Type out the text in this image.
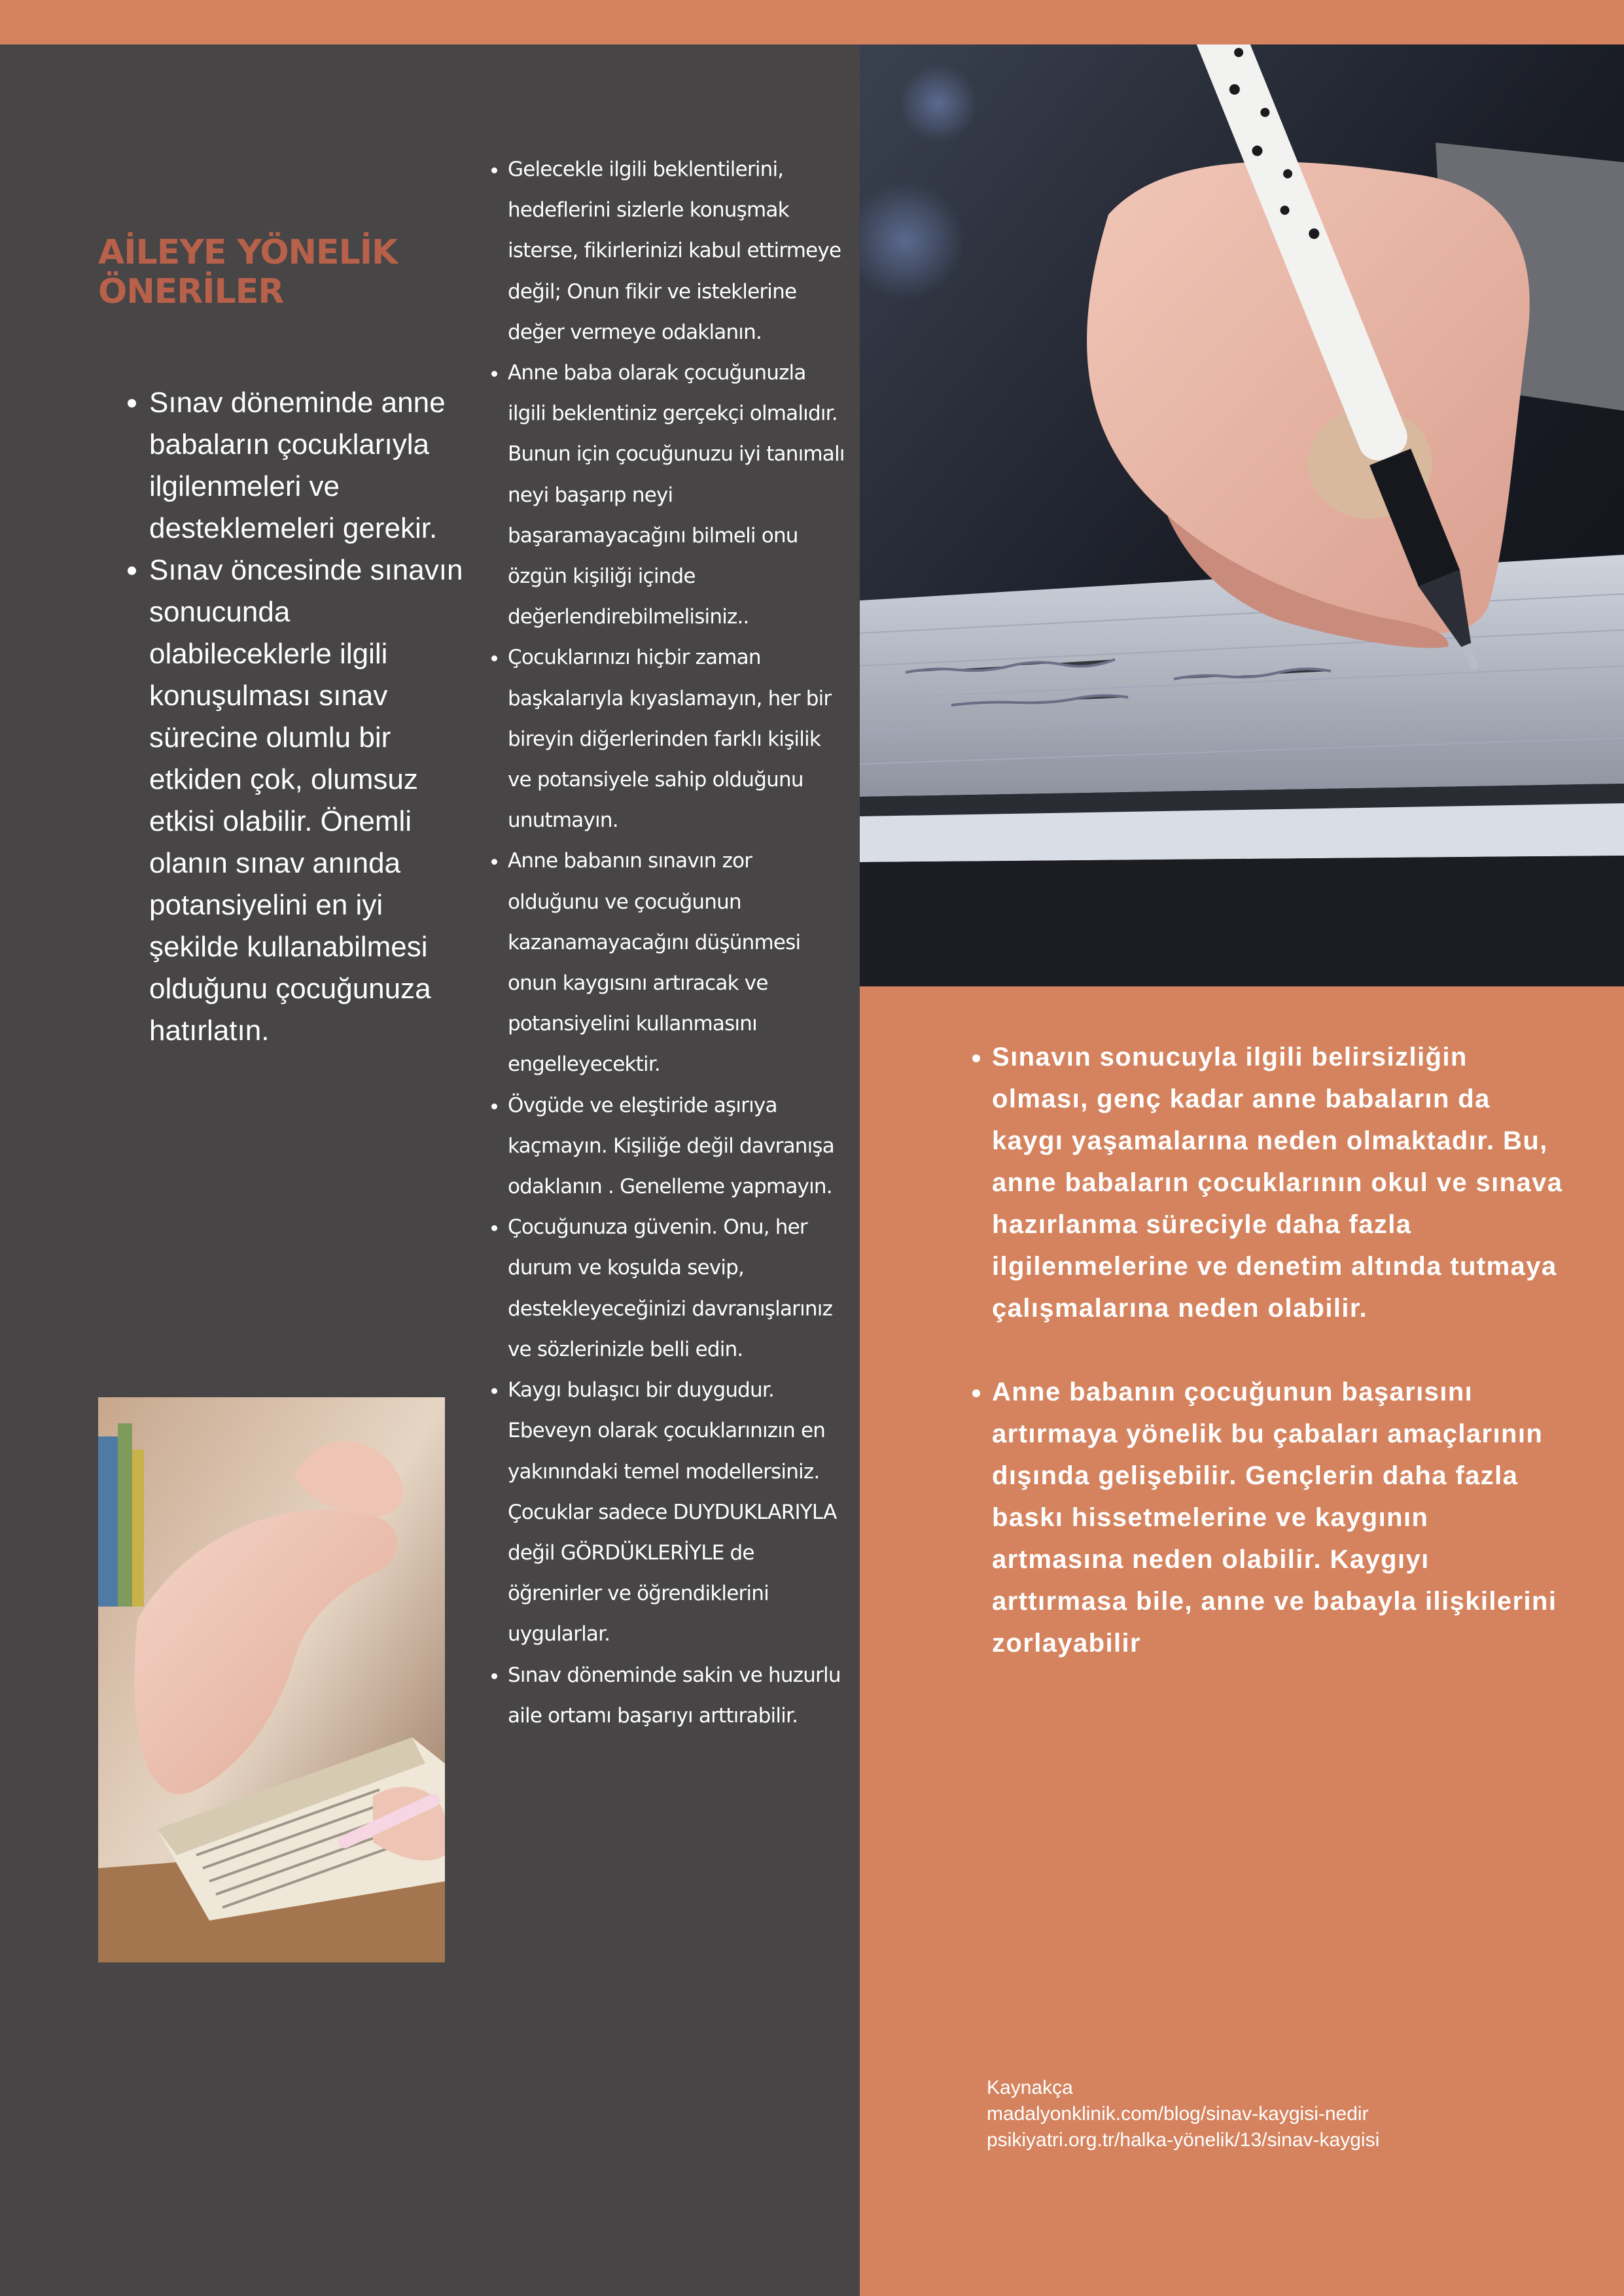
AİLEYE YÖNELİK ÖNERİLER
• Sınav döneminde anne babaların çocuklarıyla ilgilenmeleri ve desteklemeleri gerekir.
• Sınav öncesinde sınavın sonucunda olabileceklerle ilgili konuşulması sınav sürecine olumlu bir etkiden çok, olumsuz etkisi olabilir. Önemli olanın sınav anında potansiyelini en iyi şekilde kullanabilmesi olduğunu çocuğunuza hatırlatın.
• Gelecekle ilgili beklentilerini, hedeflerini sizlerle konuşmak isterse, fikirlerinizi kabul ettirmeye değil; Onun fikir ve isteklerine değer vermeye odaklanın.
• Anne baba olarak çocuğunuzla ilgili beklentiniz gerçekçi olmalıdır. Bunun için çocuğunuzu iyi tanımalı neyi başarıp neyi başaramayacağını bilmeli onu özgün kişiliği içinde değerlendirebilmelisiniz..
• Çocuklarınızı hiçbir zaman başkalarıyla kıyaslamayın, her bir bireyin diğerlerinden farklı kişilik ve potansiyele sahip olduğunu unutmayın.
• Anne babanın sınavın zor olduğunu ve çocuğunun kazanamayacağını düşünmesi onun kaygısını artıracak ve potansiyelini kullanmasını engelleyecektir.
• Övgüde ve eleştiride aşırıya kaçmayın. Kişiliğe değil davranışa odaklanın . Genelleme yapmayın.
• Çocuğunuza güvenin. Onu, her durum ve koşulda sevip, destekleyeceğinizi davranışlarınız ve sözlerinizle belli edin.
• Kaygı bulaşıcı bir duygudur. Ebeveyn olarak çocuklarınızın en yakınındaki temel modellersiniz. Çocuklar sadece DUYDUKLARIYLA değil GÖRDÜKLERİYLE de öğrenirler ve öğrendiklerini uygularlar.
• Sınav döneminde sakin ve huzurlu aile ortamı başarıyı arttırabilir.
• Sınavın sonucuyla ilgili belirsizliğin olması, genç kadar anne babaların da kaygı yaşamalarına neden olmaktadır. Bu, anne babaların çocuklarının okul ve sınava hazırlanma süreciyle daha fazla ilgilenmelerine ve denetim altında tutmaya çalışmalarına neden olabilir.
• Anne babanın çocuğunun başarısını artırmaya yönelik bu çabaları amaçlarının dışında gelişebilir. Gençlerin daha fazla baskı hissetmelerine ve kaygının artmasına neden olabilir. Kaygıyı arttırmasa bile, anne ve babayla ilişkilerini zorlayabilir
Kaynakça
madalyonklinik.com/blog/sinav-kaygisi-nedir
psikiyatri.org.tr/halka-yönelik/13/sinav-kaygisi
